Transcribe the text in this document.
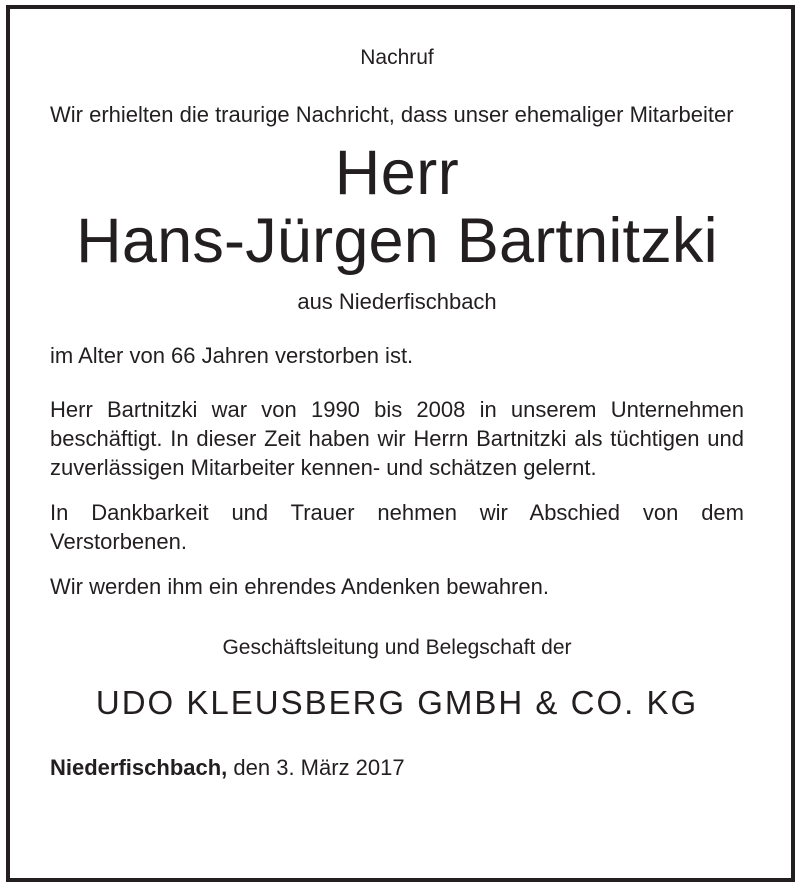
Nachruf

Wir erhielten die traurige Nachricht, dass unser ehemaliger Mitarbeiter

Herr
Hans-Jürgen Bartnitzki

aus Niederfischbach

im Alter von 66 Jahren verstorben ist.

Herr Bartnitzki war von 1990 bis 2008 in unserem Unternehmen beschäftigt. In dieser Zeit haben wir Herrn Bartnitzki als tüchtigen und zuverlässigen Mitarbeiter kennen- und schätzen gelernt.

In Dankbarkeit und Trauer nehmen wir Abschied von dem Verstorbenen.

Wir werden ihm ein ehrendes Andenken bewahren.

Geschäftsleitung und Belegschaft der

UDO KLEUSBERG GMBH & CO. KG

Niederfischbach, den 3. März 2017
